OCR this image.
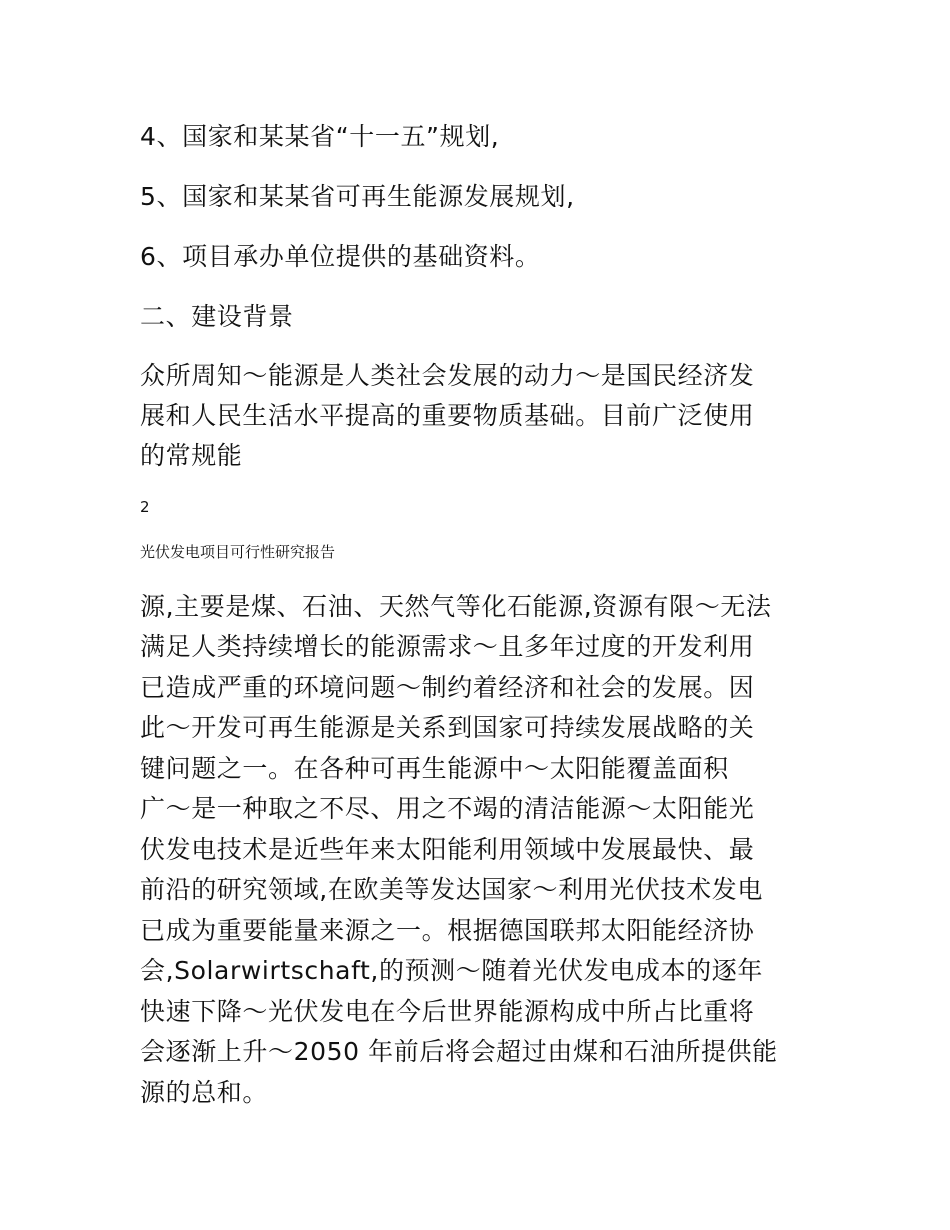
4、国家和某某省“十一五”规划,
5、国家和某某省可再生能源发展规划,
6、项目承办单位提供的基础资料。
二、建设背景
众所周知～能源是人类社会发展的动力～是国民经济发
展和人民生活水平提高的重要物质基础。目前广泛使用
的常规能
2
光伏发电项目可行性研究报告
源,主要是煤、石油、天然气等化石能源,资源有限～无法
满足人类持续增长的能源需求～且多年过度的开发利用
已造成严重的环境问题～制约着经济和社会的发展。因
此～开发可再生能源是关系到国家可持续发展战略的关
键问题之一。在各种可再生能源中～太阳能覆盖面积
广～是一种取之不尽、用之不竭的清洁能源～太阳能光
伏发电技术是近些年来太阳能利用领域中发展最快、最
前沿的研究领域,在欧美等发达国家～利用光伏技术发电
已成为重要能量来源之一。根据德国联邦太阳能经济协
会,Solarwirtschaft,的预测～随着光伏发电成本的逐年
快速下降～光伏发电在今后世界能源构成中所占比重将
会逐渐上升～2050 年前后将会超过由煤和石油所提供能
源的总和。
